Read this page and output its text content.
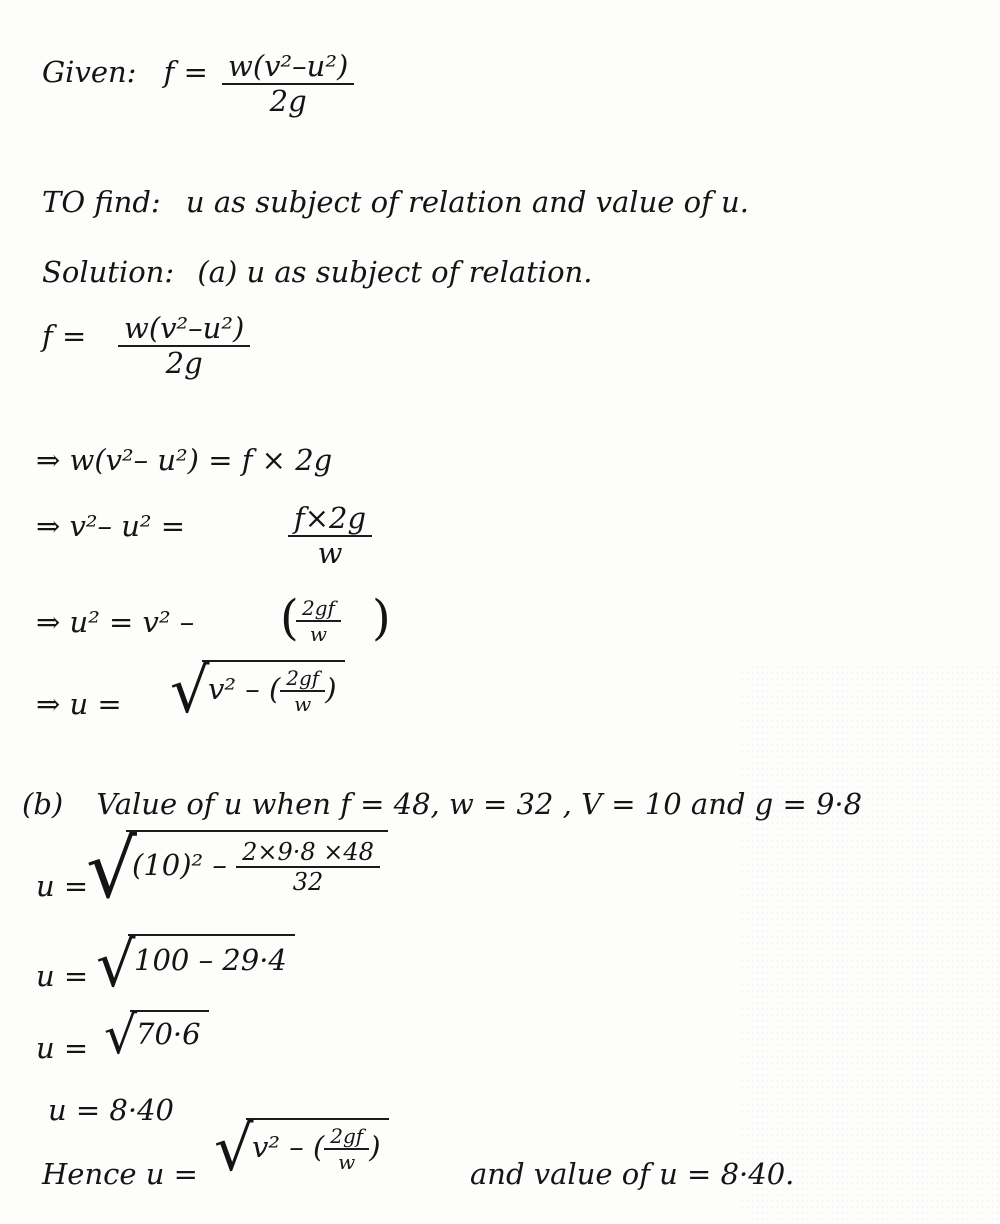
Given: $f = \frac{\text{w(v²–u²)}}{2g}$
TO find: u as subject of relation and value of u.
Solution: (a) u as subject of relation.
$f = \frac{\text{w(v²–u²)}}{2g}$
⇒ w(v²– u²) = f × 2g
⇒ v²– u² =	$\frac{f\times 2g}{w}$
⇒ u² = v² – (
$\frac{2gf}{w}$ )
⇒ u = √
v² – ( $\frac{2gf}{w}$ )
(b) Value of u when f = 48, w = 32 , V = 10 and g = 9·8
u =
√
$(10)^2 - \frac{2\times 9\cdot 8 \times 48}{32}$
u = √
100 – 29·4
u = √
70·6
u = 8·40
Hence u = √
v² – ( $\frac{2gf}{w}$ )
and value of u = 8·40.
